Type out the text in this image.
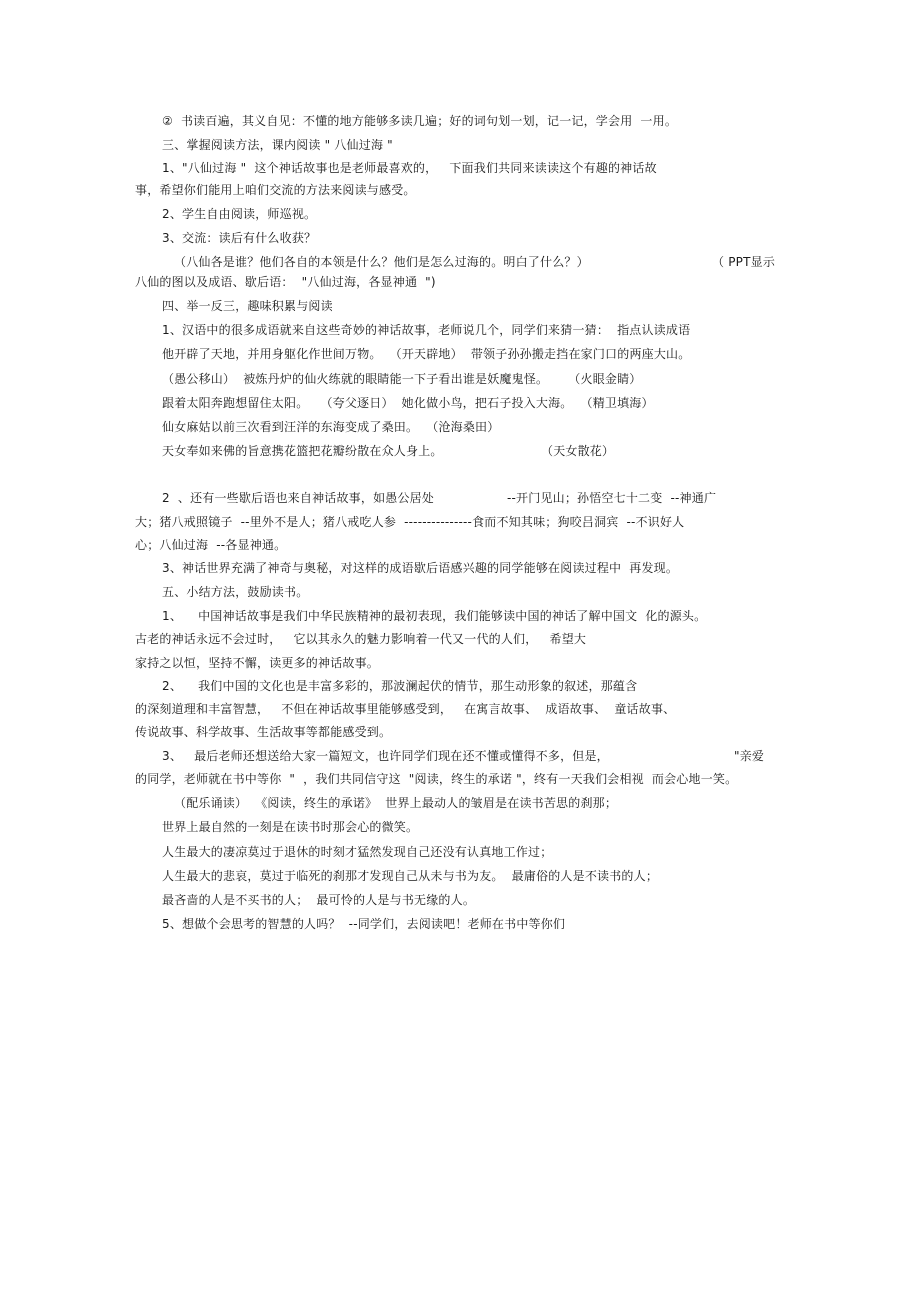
②  书读百遍，其义自见：不懂的地方能够多读几遍；好的词句划一划，记一记，学会用  一用。
三、掌握阅读方法，课内阅读 " 八仙过海 "
1、"八仙过海 "  这个神话故事也是老师最喜欢的，   下面我们共同来读读这个有趣的神话故
事，希望你们能用上咱们交流的方法来阅读与感受。
2、学生自由阅读，师巡视。
3、交流：读后有什么收获？
（八仙各是谁？他们各自的本领是什么？他们是怎么过海的。明白了什么？）	（ PPT显示
八仙的图以及成语、歇后语：  "八仙过海，各显神通  ")
四、举一反三，趣味积累与阅读
1、汉语中的很多成语就来自这些奇妙的神话故事，老师说几个，同学们来猜一猜：  指点认读成语
他开辟了天地，并用身躯化作世间万物。  （开天辟地）  带领子孙孙搬走挡在家门口的两座大山。
（愚公移山）  被炼丹炉的仙火练就的眼睛能一下子看出谁是妖魔鬼怪。     （火眼金睛）
跟着太阳奔跑想留住太阳。   （夸父逐日）  她化做小鸟，把石子投入大海。  （精卫填海）
仙女麻姑以前三次看到汪洋的东海变成了桑田。  （沧海桑田）
天女奉如来佛的旨意携花篮把花瓣纷散在众人身上。	（天女散花）
2  、还有一些歇后语也来自神话故事，如愚公居处	--开门见山；孙悟空七十二变  --神通广
大；猪八戒照镜子  --里外不是人；猪八戒吃人参  ---------------食而不知其味；狗咬吕洞宾  --不识好人
心；八仙过海  --各显神通。
3、神话世界充满了神奇与奥秘，对这样的成语歇后语感兴趣的同学能够在阅读过程中  再发现。
五、小结方法，鼓励读书。
1、    中国神话故事是我们中华民族精神的最初表现，我们能够读中国的神话了解中国文  化的源头。
古老的神话永远不会过时，   它以其永久的魅力影响着一代又一代的人们，   希望大
家持之以恒，坚持不懈，读更多的神话故事。
2、    我们中国的文化也是丰富多彩的，那波澜起伏的情节，那生动形象的叙述，那蕴含
的深刻道理和丰富智慧，   不但在神话故事里能够感受到，   在寓言故事、  成语故事、  童话故事、
传说故事、科学故事、生活故事等都能感受到。
3、   最后老师还想送给大家一篇短文，也许同学们现在还不懂或懂得不多，但是，	"亲爱
的同学，老师就在书中等你  "  ，我们共同信守这  "阅读，终生的承诺 "，终有一天我们会相视  而会心地一笑。
（配乐诵读）  《阅读，终生的承诺》  世界上最动人的皱眉是在读书苦思的刹那；
世界上最自然的一刻是在读书时那会心的微笑。
人生最大的凄凉莫过于退休的时刻才猛然发现自己还没有认真地工作过；
人生最大的悲哀，莫过于临死的刹那才发现自己从未与书为友。  最庸俗的人是不读书的人；
最吝啬的人是不买书的人；  最可怜的人是与书无缘的人。
5、想做个会思考的智慧的人吗？  --同学们，去阅读吧！老师在书中等你们
